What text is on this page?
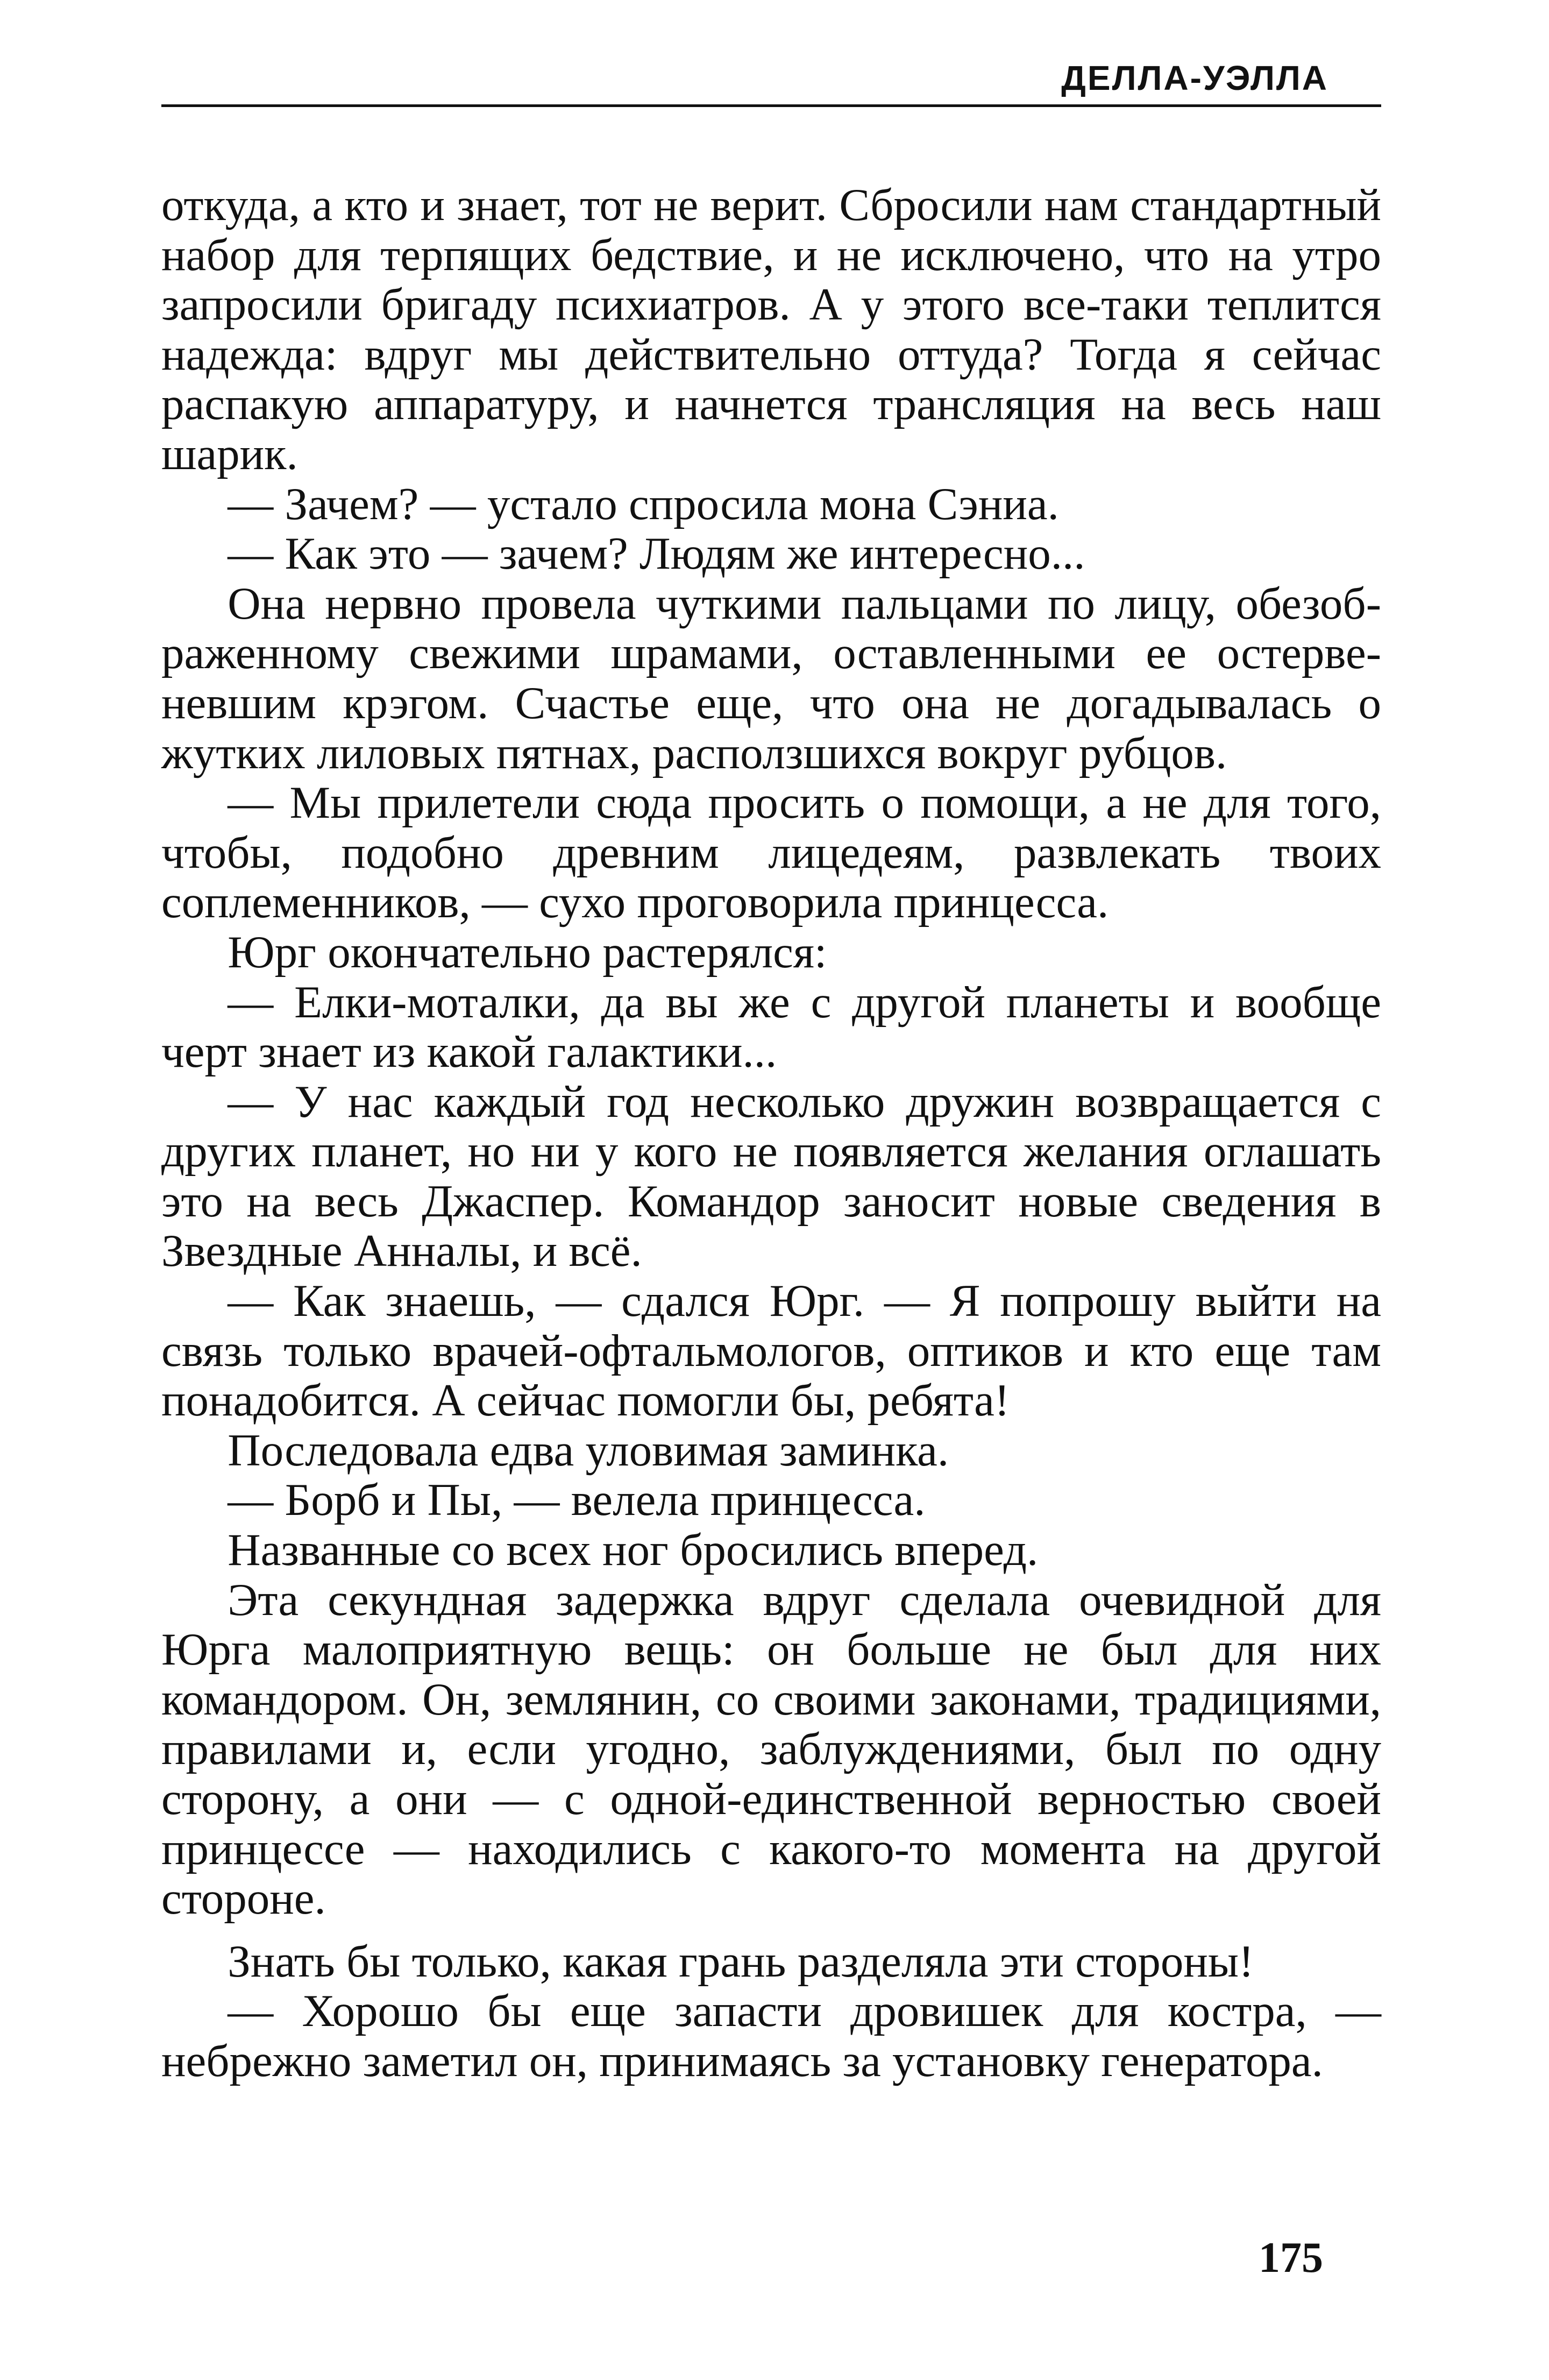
ДЕЛЛА-УЭЛЛА

откуда, а кто и знает, тот не верит. Сбросили нам стандартный набор для терпящих бедствие, и не исключено, что на утро запросили бригаду психиатров. А у этого все-таки теплится надежда: вдруг мы действительно оттуда? Тогда я сейчас распакую аппаратуру, и начнется трансляция на весь наш шарик.

— Зачем? — устало спросила мона Сэниа.

— Как это — зачем? Людям же интересно...

Она нервно провела чуткими пальцами по лицу, обезображенному свежими шрамами, оставленными ее остервеневшим крэгом. Счастье еще, что она не догадывалась о жутких лиловых пятнах, расползшихся вокруг рубцов.

— Мы прилетели сюда просить о помощи, а не для того, чтобы, подобно древним лицедеям, развлекать твоих соплеменников, — сухо проговорила принцесса.

Юрг окончательно растерялся:

— Елки-моталки, да вы же с другой планеты и вообще черт знает из какой галактики...

— У нас каждый год несколько дружин возвращается с других планет, но ни у кого не появляется желания оглашать это на весь Джаспер. Командор заносит новые сведения в Звездные Анналы, и всё.

— Как знаешь, — сдался Юрг. — Я попрошу выйти на связь только врачей-офтальмологов, оптиков и кто еще там понадобится. А сейчас помогли бы, ребята!

Последовала едва уловимая заминка.

— Борб и Пы, — велела принцесса.

Названные со всех ног бросились вперед.

Эта секундная задержка вдруг сделала очевидной для Юрга малоприятную вещь: он больше не был для них командором. Он, землянин, со своими законами, традициями, правилами и, если угодно, заблуждениями, был по одну сторону, а они — с одной-единственной верностью своей принцессе — находились с какого-то момента на другой стороне.

Знать бы только, какая грань разделяла эти стороны!

— Хорошо бы еще запасти дровишек для костра, — небрежно заметил он, принимаясь за установку генератора.

175
